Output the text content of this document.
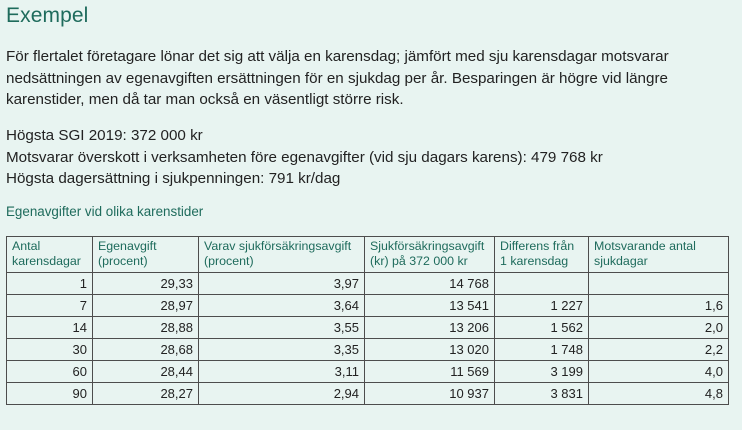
Exempel

För flertalet företagare lönar det sig att välja en karensdag; jämfört med sju karensdagar motsvarar nedsättningen av egenavgiften ersättningen för en sjukdag per år. Besparingen är högre vid längre karenstider, men då tar man också en väsentligt större risk.

Högsta SGI 2019: 372 000 kr
Motsvarar överskott i verksamheten före egenavgifter (vid sju dagars karens): 479 768 kr
Högsta dagersättning i sjukpenningen: 791 kr/dag
Egenavgifter vid olika karenstider
Antal karensdagar	Egenavgift (procent)	Varav sjukförsäkringsavgift (procent)	Sjukförsäkringsavgift (kr) på 372 000 kr	Differens från 1 karensdag	Motsvarande antal sjukdagar
1	29,33	3,97	14 768		
7	28,97	3,64	13 541	1 227	1,6
14	28,88	3,55	13 206	1 562	2,0
30	28,68	3,35	13 020	1 748	2,2
60	28,44	3,11	11 569	3 199	4,0
90	28,27	2,94	10 937	3 831	4,8
